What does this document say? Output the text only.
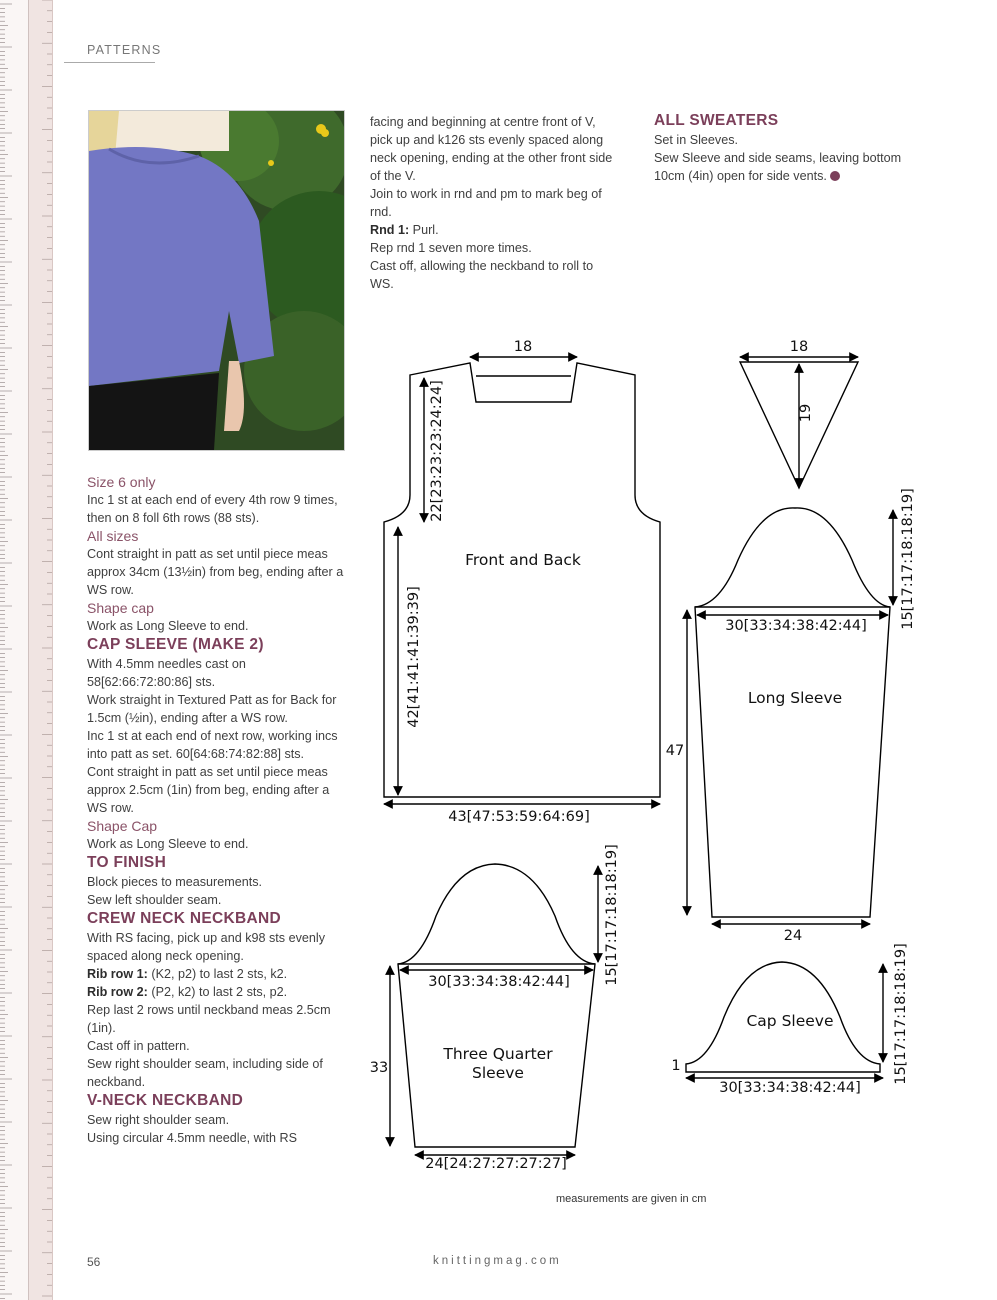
PATTERNS

Size 6 only

Inc 1 st at each end of every 4th row 9 times, then on 8 foll 6th rows (88 sts).

All sizes

Cont straight in patt as set until piece meas approx 34cm (13½in) from beg, ending after a WS row.

Shape cap

Work as Long Sleeve to end.

CAP SLEEVE (MAKE 2)

With 4.5mm needles cast on 58[62:66:72:80:86] sts.

Work straight in Textured Patt as for Back for 1.5cm (½in), ending after a WS row.

Inc 1 st at each end of next row, working incs into patt as set. 60[64:68:74:82:88] sts.

Cont straight in patt as set until piece meas approx 2.5cm (1in) from beg, ending after a WS row.

Shape Cap

Work as Long Sleeve to end.

TO FINISH

Block pieces to measurements.

Sew left shoulder seam.

CREW NECK NECKBAND

With RS facing, pick up and k98 sts evenly spaced along neck opening.

Rib row 1: (K2, p2) to last 2 sts, k2.

Rib row 2: (P2, k2) to last 2 sts, p2.

Rep last 2 rows until neckband meas 2.5cm (1in).

Cast off in pattern.

Sew right shoulder seam, including side of neckband.

V-NECK NECKBAND

Sew right shoulder seam.

Using circular 4.5mm needle, with RS

facing and beginning at centre front of V, pick up and k126 sts evenly spaced along neck opening, ending at the other front side of the V.

Join to work in rnd and pm to mark beg of rnd.

Rnd 1: Purl.

Rep rnd 1 seven more times.

Cast off, allowing the neckband to roll to WS.

ALL SWEATERS

Set in Sleeves.

Sew Sleeve and side seams, leaving bottom 10cm (4in) open for side vents.

18
22[23:23:23:24:24]
42[41:41:41:39:39]
43[47:53:59:64:69]
Front and Back
18
19
Long Sleeve
30[33:34:38:42:44] 15[17:17:18:18:19]
47
24
Three Quarter
Sleeve
30[33:34:38:42:44] 15[17:17:18:18:19]
33
24[24:27:27:27:27]
Cap Sleeve
30[33:34:38:42:44]
15[17:17:18:18:19]
1
measurements are given in cm
56	knittingmag.com
